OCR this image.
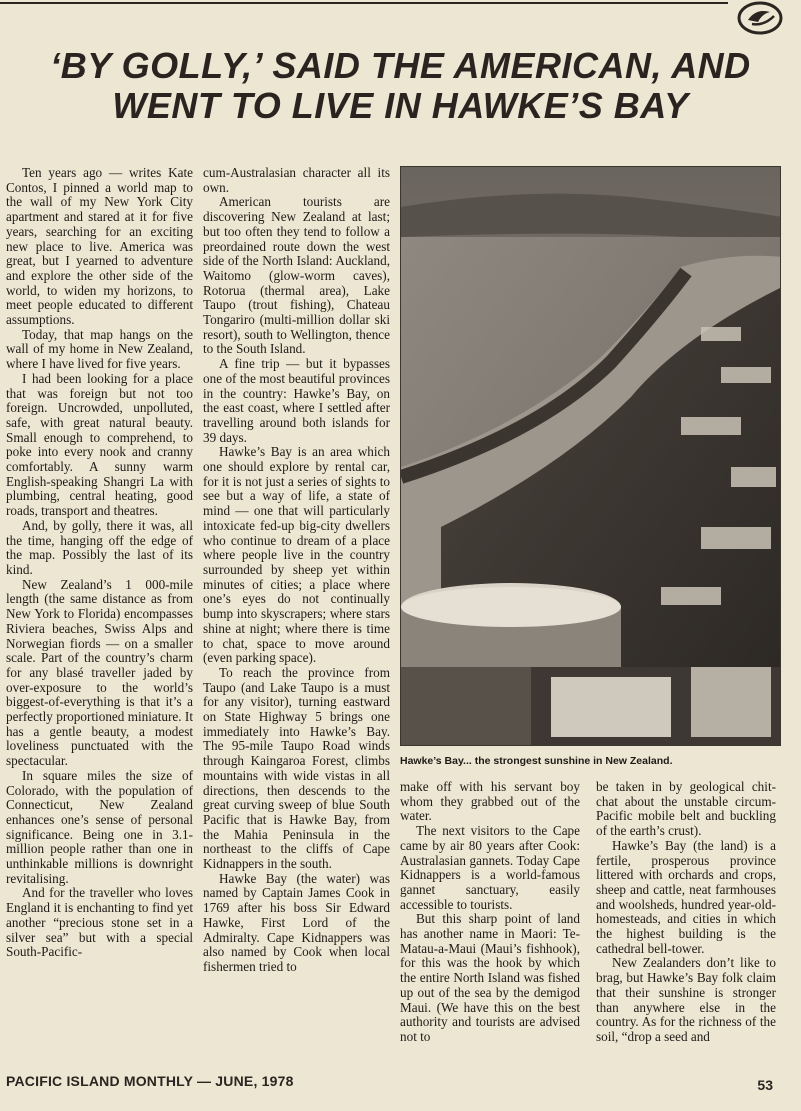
‘BY GOLLY,’ SAID THE AMERICAN, AND
WENT TO LIVE IN HAWKE’S BAY

Ten years ago — writes Kate Contos, I pinned a world map to the wall of my New York City apartment and stared at it for five years, searching for an exciting new place to live. America was great, but I yearned to adventure and explore the other side of the world, to widen my horizons, to meet people educated to different assumptions.

Today, that map hangs on the wall of my home in New Zealand, where I have lived for five years.

I had been looking for a place that was foreign but not too foreign. Uncrowded, unpolluted, safe, with great natural beauty. Small enough to comprehend, to poke into every nook and cranny comfortably. A sunny warm English-speaking Shangri La with plumbing, central heating, good roads, transport and theatres.

And, by golly, there it was, all the time, hanging off the edge of the map. Possibly the last of its kind.

New Zealand’s 1 000-mile length (the same distance as from New York to Florida) encompasses Riviera beaches, Swiss Alps and Norwegian fiords — on a smaller scale. Part of the country’s charm for any blasé traveller jaded by over-exposure to the world’s biggest-of-everything is that it’s a perfectly proportioned miniature. It has a gentle beauty, a modest loveliness punctuated with the spectacular.

In square miles the size of Colorado, with the population of Connecticut, New Zealand enhances one’s sense of personal significance. Being one in 3.1-million people rather than one in unthinkable millions is downright revitalising.

And for the traveller who loves England it is enchanting to find yet another “precious stone set in a silver sea” but with a special South-Pacific-

cum-Australasian character all its own.

American tourists are discovering New Zealand at last; but too often they tend to follow a preordained route down the west side of the North Island: Auckland, Waitomo (glow-worm caves), Rotorua (thermal area), Lake Taupo (trout fishing), Chateau Tongariro (multi-million dollar ski resort), south to Wellington, thence to the South Island.

A fine trip — but it bypasses one of the most beautiful provinces in the country: Hawke’s Bay, on the east coast, where I settled after travelling around both islands for 39 days.

Hawke’s Bay is an area which one should explore by rental car, for it is not just a series of sights to see but a way of life, a state of mind — one that will particularly intoxicate fed-up big-city dwellers who continue to dream of a place where people live in the country surrounded by sheep yet within minutes of cities; a place where one’s eyes do not continually bump into skyscrapers; where stars shine at night; where there is time to chat, space to move around (even parking space).

To reach the province from Taupo (and Lake Taupo is a must for any visitor), turning eastward on State Highway 5 brings one immediately into Hawke’s Bay. The 95-mile Taupo Road winds through Kaingaroa Forest, climbs mountains with wide vistas in all directions, then descends to the great curving sweep of blue South Pacific that is Hawke Bay, from the Mahia Peninsula in the northeast to the cliffs of Cape Kidnappers in the south.

Hawke Bay (the water) was named by Captain James Cook in 1769 after his boss Sir Edward Hawke, First Lord of the Admiralty. Cape Kidnappers was also named by Cook when local fishermen tried to

Hawke’s Bay... the strongest sunshine in New Zealand.

make off with his servant boy whom they grabbed out of the water.

The next visitors to the Cape came by air 80 years after Cook: Australasian gannets. Today Cape Kidnappers is a world-famous gannet sanctuary, easily accessible to tourists.

But this sharp point of land has another name in Maori: Te-Matau-a-Maui (Maui’s fishhook), for this was the hook by which the entire North Island was fished up out of the sea by the demigod Maui. (We have this on the best authority and tourists are advised not to

be taken in by geological chit-chat about the unstable circum-Pacific mobile belt and buckling of the earth’s crust).

Hawke’s Bay (the land) is a fertile, prosperous province littered with orchards and crops, sheep and cattle, neat farmhouses and woolsheds, hundred year-old-homesteads, and cities in which the highest building is the cathedral bell-tower.

New Zealanders don’t like to brag, but Hawke’s Bay folk claim that their sunshine is stronger than anywhere else in the country. As for the richness of the soil, “drop a seed and

PACIFIC ISLAND MONTHLY — JUNE, 1978	53
